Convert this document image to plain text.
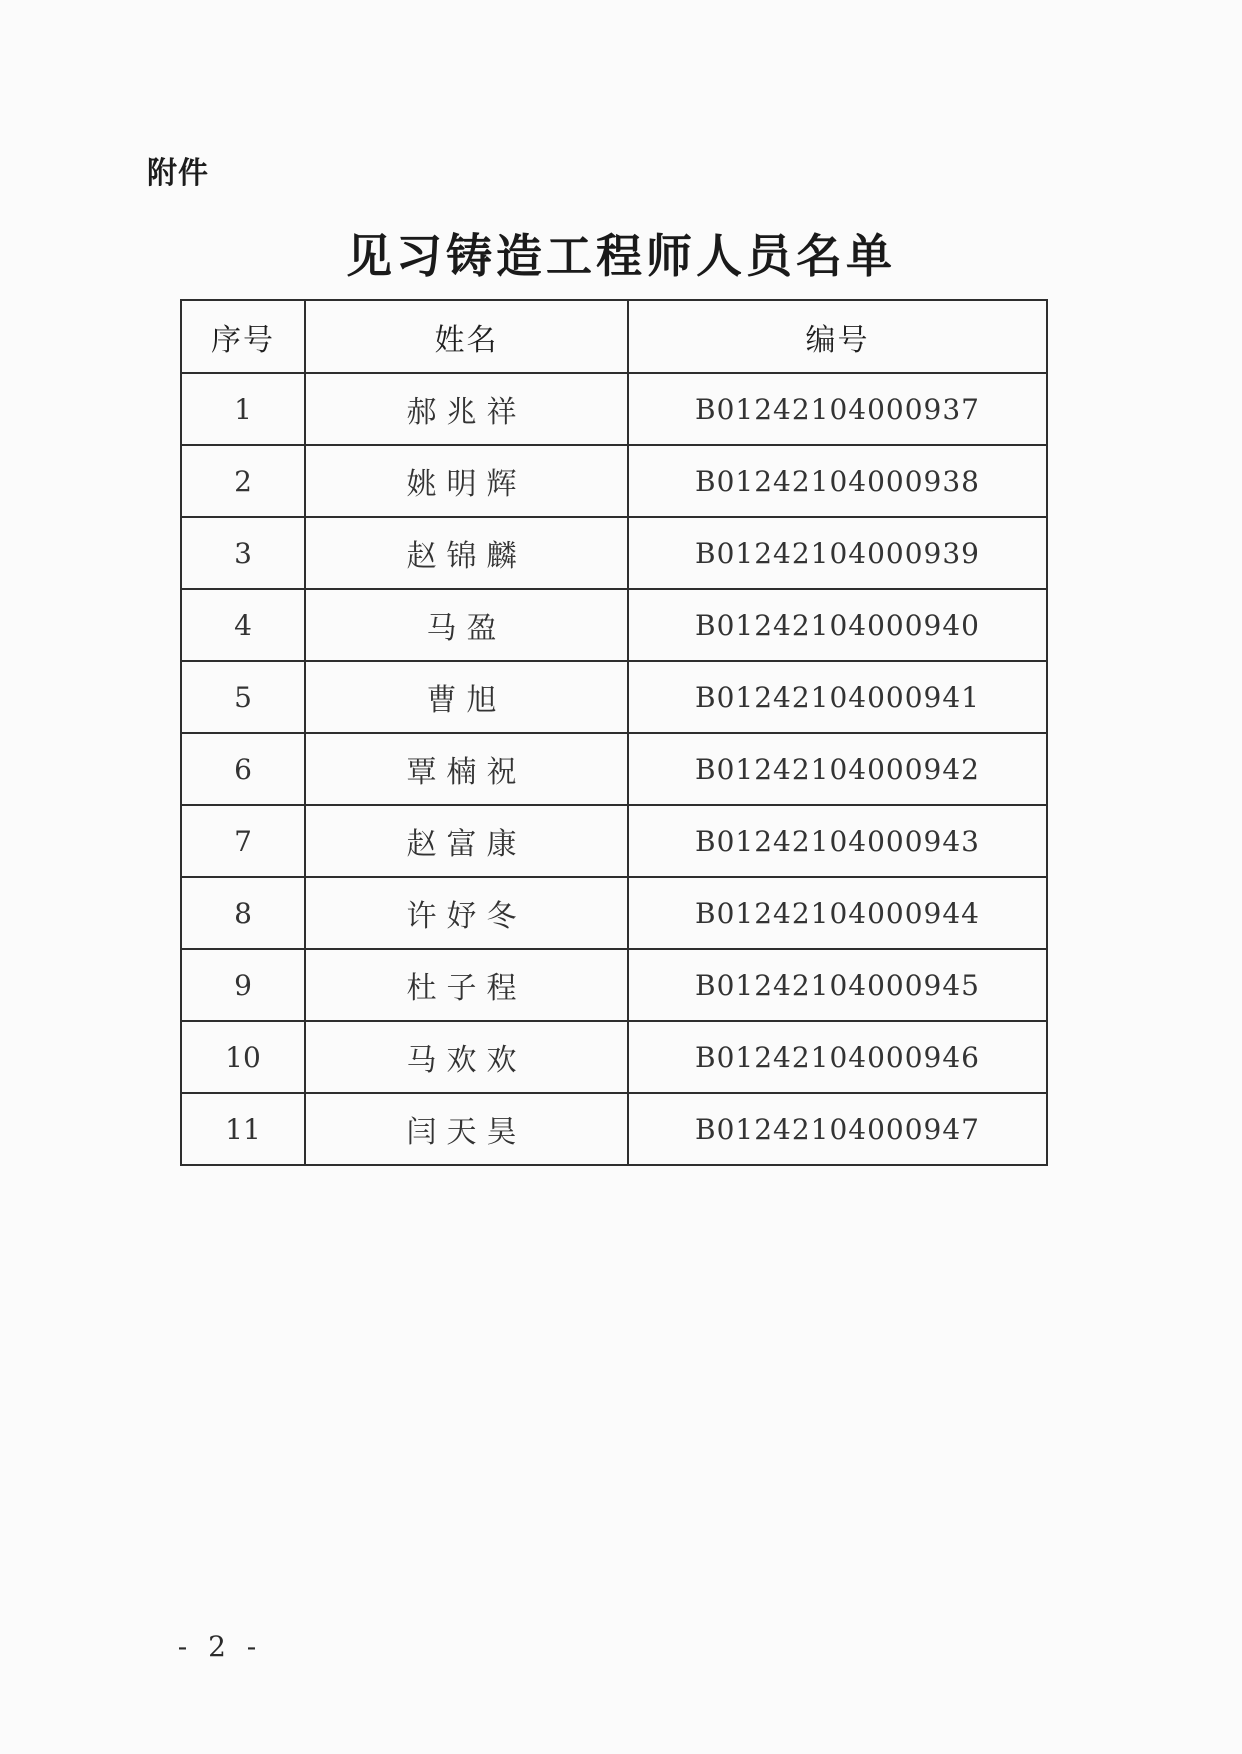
附件
见习铸造工程师人员名单
序号	姓名	编号
1	郝兆祥	B01242104000937
2	姚明辉	B01242104000938
3	赵锦麟	B01242104000939
4	马盈	B01242104000940
5	曹旭	B01242104000941
6	覃楠祝	B01242104000942
7	赵富康	B01242104000943
8	许妤冬	B01242104000944
9	杜子程	B01242104000945
10	马欢欢	B01242104000946
11	闫天昊	B01242104000947
- 2 -
